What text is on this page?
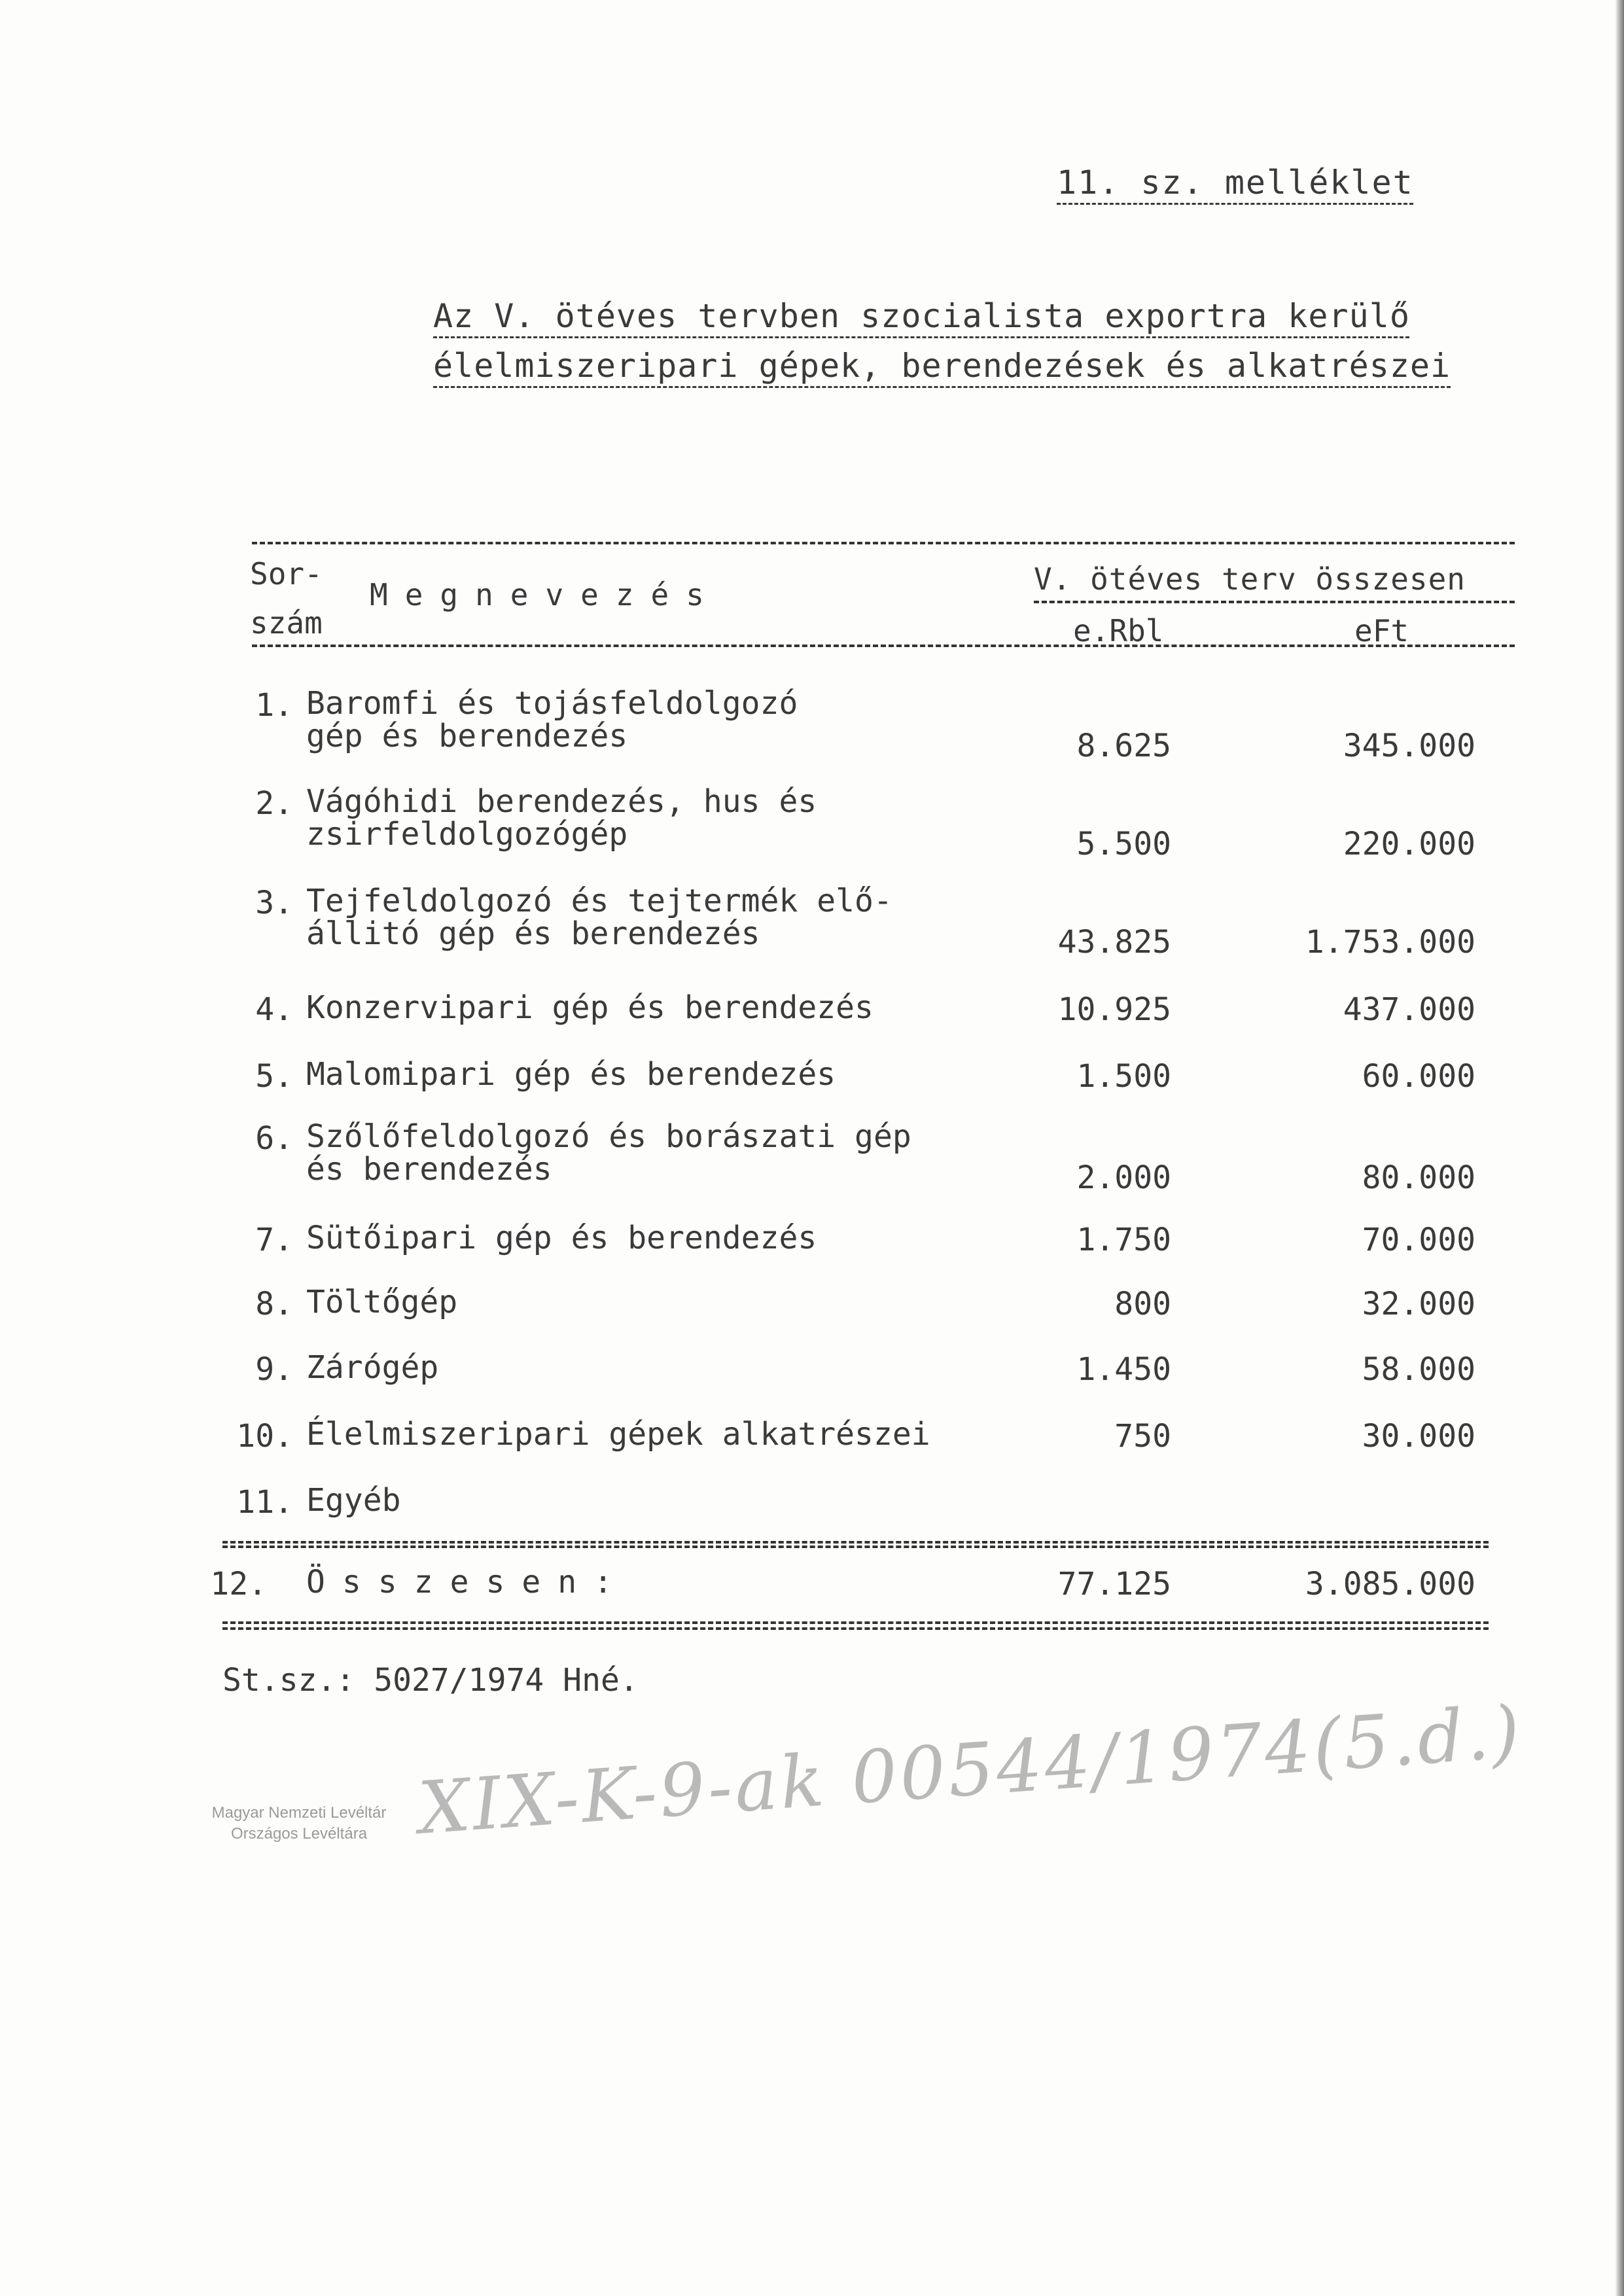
11. sz. melléklet
Az V. ötéves tervben szocialista exportra kerülő
élelmiszeripari gépek, berendezések és alkatrészei
Sor-
szám
Megnevezés	V. ötéves terv összesen
e.Rbl	eFt
1. Baromfi és tojásfeldolgozó
gép és berendezés	8.625	345.000
2. Vágóhidi berendezés, hus és
zsirfeldolgozógép	5.500	220.000
3. Tejfeldolgozó és tejtermék elő-
állitó gép és berendezés	43.825	1.753.000
4. Konzervipari gép és berendezés	10.925	437.000
5. Malomipari gép és berendezés	1.500	60.000
6. Szőlőfeldolgozó és borászati gép
és berendezés	2.000	80.000
7. Sütőipari gép és berendezés	1.750	70.000
8. Töltőgép	800	32.000
9. Zárógép	1.450	58.000
10. Élelmiszeripari gépek alkatrészei	750	30.000
11. Egyéb
12. Összesen:	77.125	3.085.000
St.sz.: 5027/1974 Hné.
Magyar Nemzeti Levéltár
Országos Levéltára XIX-K-9-ak 00544/1974(5.d.)
